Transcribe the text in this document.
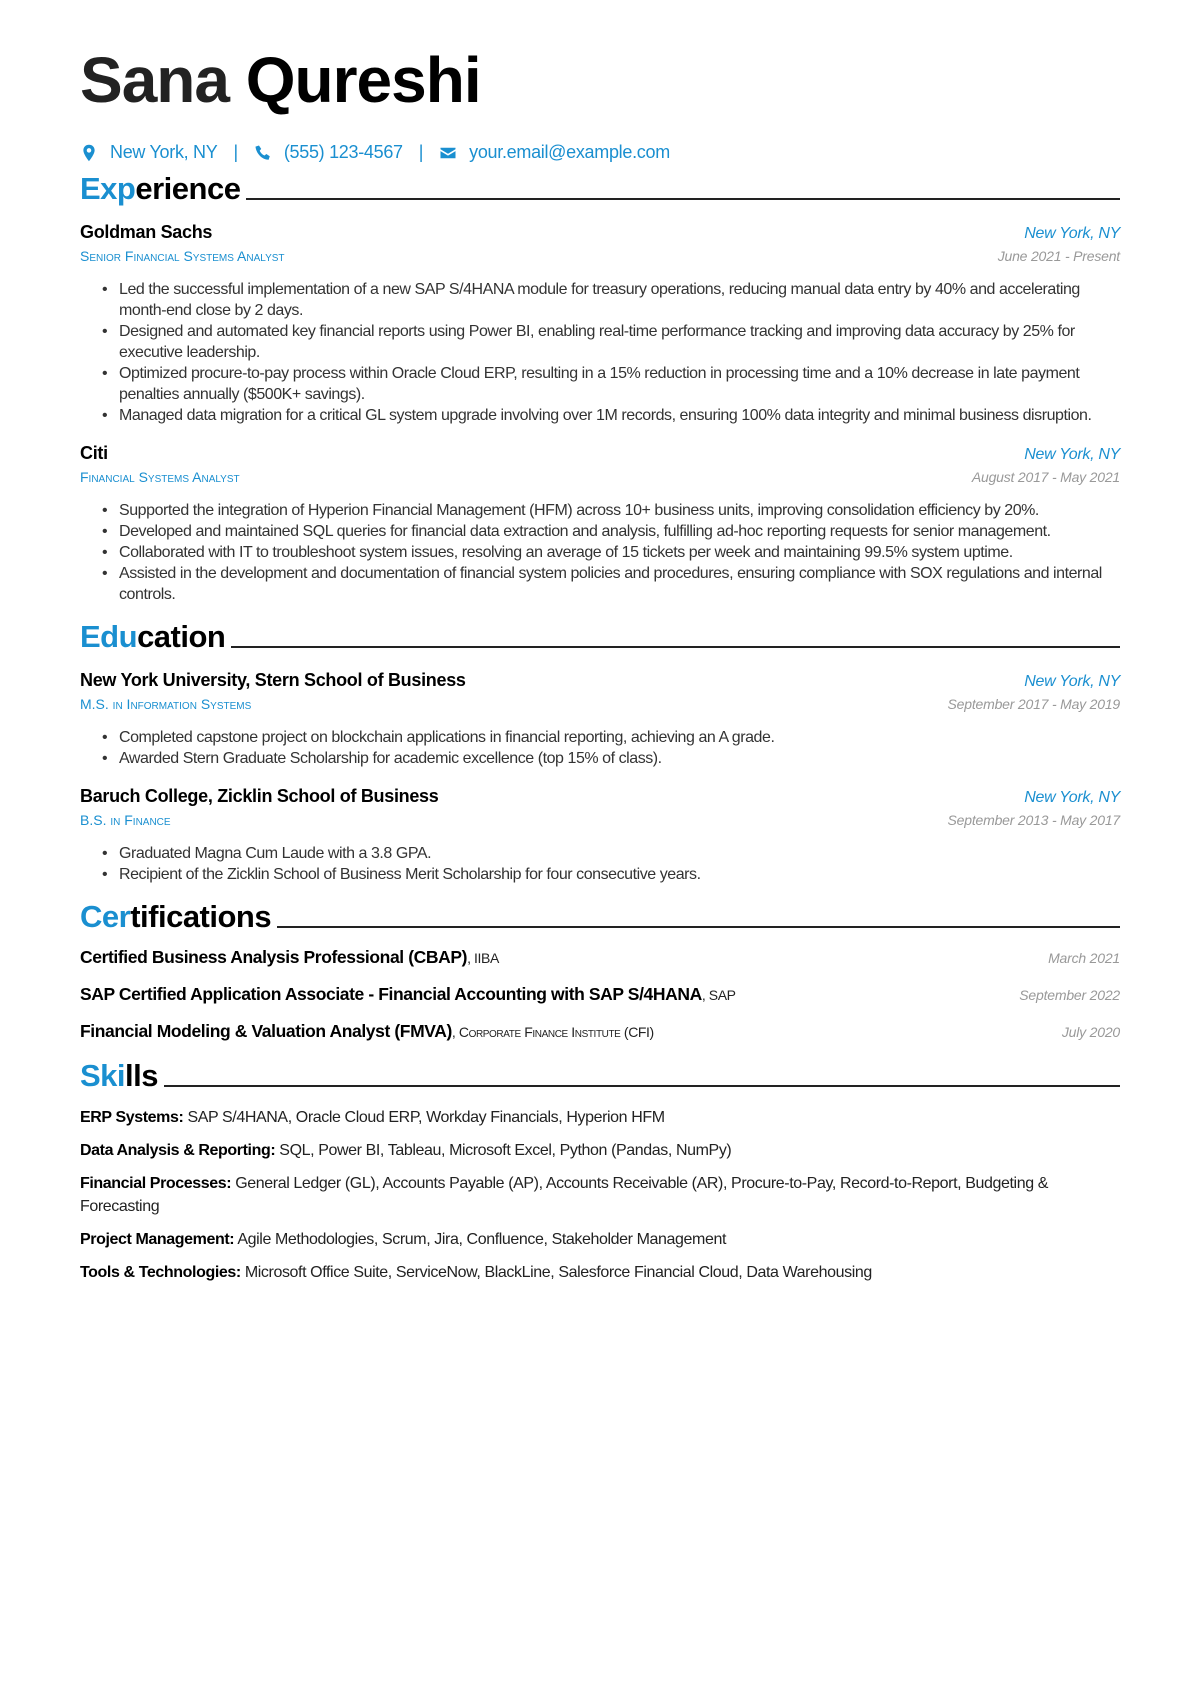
Sana Qureshi
New York, NY |	(555) 123-4567 |	your.email@example.com
Experience
Goldman Sachs	New York, NY
Senior Financial Systems Analyst	June 2021 - Present
• Led the successful implementation of a new SAP S/4HANA module for treasury operations, reducing manual data entry by 40% and accelerating month-end close by 2 days.
• Designed and automated key financial reports using Power BI, enabling real-time performance tracking and improving data accuracy by 25% for executive leadership.
• Optimized procure-to-pay process within Oracle Cloud ERP, resulting in a 15% reduction in processing time and a 10% decrease in late payment penalties annually ($500K+ savings).
• Managed data migration for a critical GL system upgrade involving over 1M records, ensuring 100% data integrity and minimal business disruption.
Citi	New York, NY
Financial Systems Analyst	August 2017 - May 2021
• Supported the integration of Hyperion Financial Management (HFM) across 10+ business units, improving consolidation efficiency by 20%.
• Developed and maintained SQL queries for financial data extraction and analysis, fulfilling ad-hoc reporting requests for senior management.
• Collaborated with IT to troubleshoot system issues, resolving an average of 15 tickets per week and maintaining 99.5% system uptime.
• Assisted in the development and documentation of financial system policies and procedures, ensuring compliance with SOX regulations and internal controls.
Education
New York University, Stern School of Business	New York, NY
M.S. in Information Systems	September 2017 - May 2019
• Completed capstone project on blockchain applications in financial reporting, achieving an A grade.
• Awarded Stern Graduate Scholarship for academic excellence (top 15% of class).
Baruch College, Zicklin School of Business	New York, NY
B.S. in Finance	September 2013 - May 2017
• Graduated Magna Cum Laude with a 3.8 GPA.
• Recipient of the Zicklin School of Business Merit Scholarship for four consecutive years.
Certifications
Certified Business Analysis Professional (CBAP), IIBA	March 2021
SAP Certified Application Associate - Financial Accounting with SAP S/4HANA, SAP	September 2022
Financial Modeling & Valuation Analyst (FMVA), Corporate Finance Institute (CFI)	July 2020
Skills
ERP Systems: SAP S/4HANA, Oracle Cloud ERP, Workday Financials, Hyperion HFM
Data Analysis & Reporting: SQL, Power BI, Tableau, Microsoft Excel, Python (Pandas, NumPy)
Financial Processes: General Ledger (GL), Accounts Payable (AP), Accounts Receivable (AR), Procure-to-Pay, Record-to-Report, Budgeting & Forecasting
Project Management: Agile Methodologies, Scrum, Jira, Confluence, Stakeholder Management
Tools & Technologies: Microsoft Office Suite, ServiceNow, BlackLine, Salesforce Financial Cloud, Data Warehousing
